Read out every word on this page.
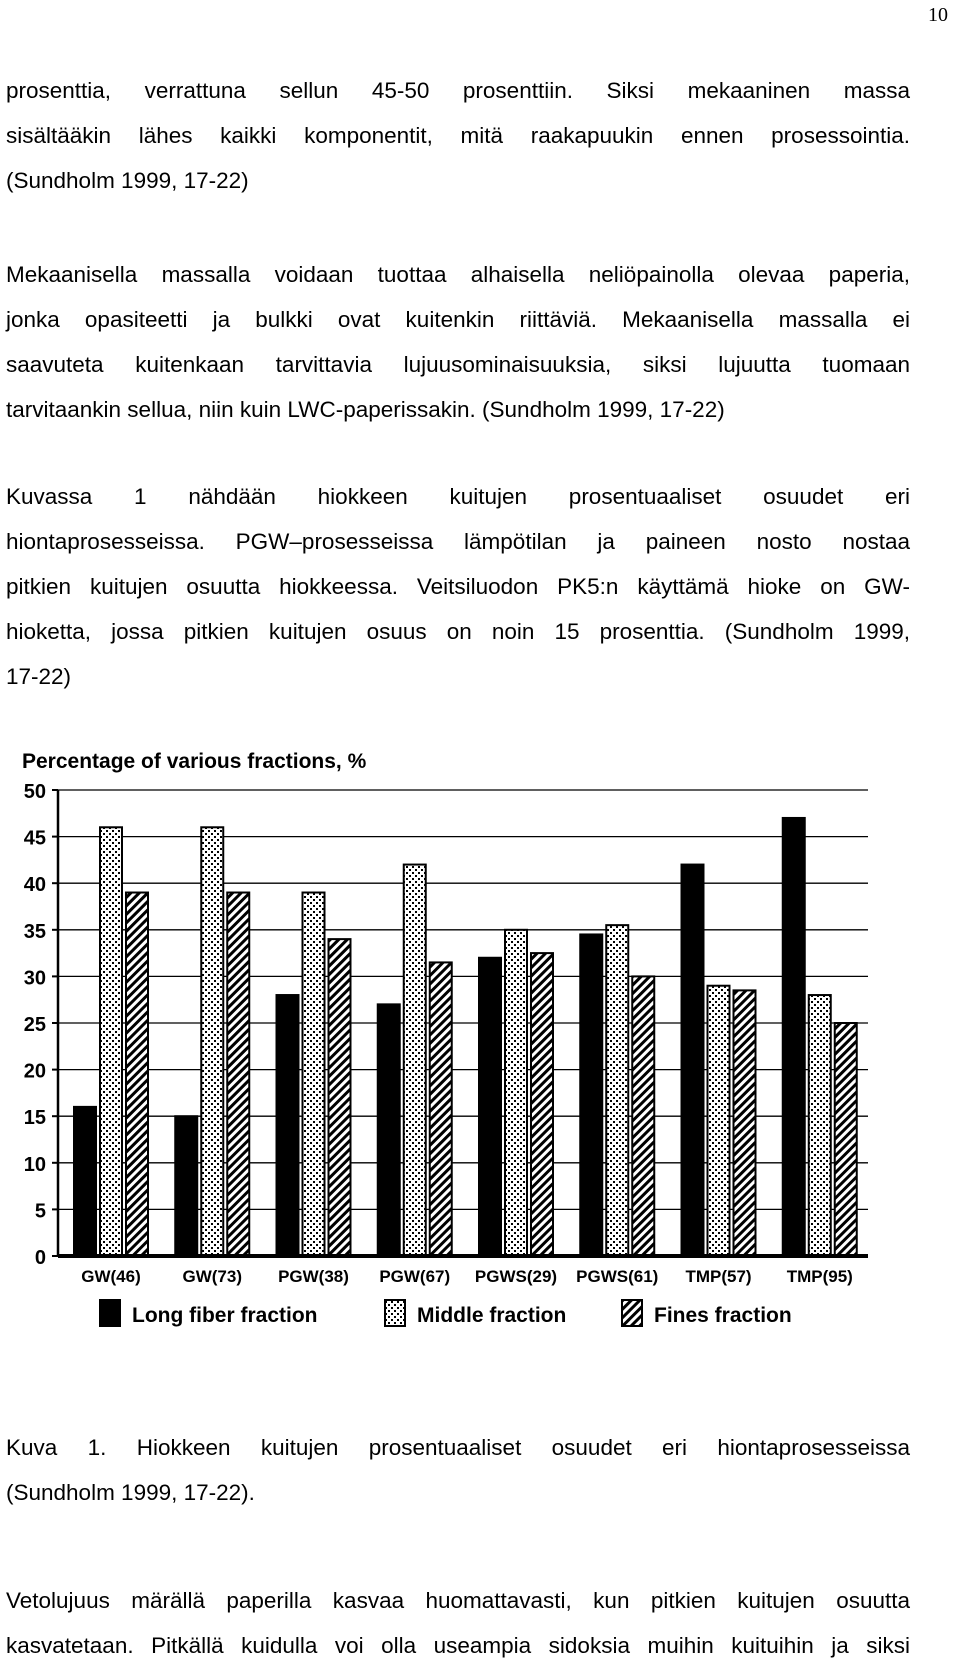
10
prosenttia, verrattuna sellun 45-50 prosenttiin. Siksi mekaaninen massa
sisältääkin lähes kaikki komponentit, mitä raakapuukin ennen prosessointia.
(Sundholm 1999, 17-22)
Mekaanisella massalla voidaan tuottaa alhaisella neliöpainolla olevaa paperia,
jonka opasiteetti ja bulkki ovat kuitenkin riittäviä. Mekaanisella massalla ei
saavuteta kuitenkaan tarvittavia lujuusominaisuuksia, siksi lujuutta tuomaan
tarvitaankin sellua, niin kuin LWC-paperissakin. (Sundholm 1999, 17-22)
Kuvassa 1 nähdään hiokkeen kuitujen prosentuaaliset osuudet eri
hiontaprosesseissa. PGW–prosesseissa lämpötilan ja paineen nosto nostaa
pitkien kuitujen osuutta hiokkeessa. Veitsiluodon PK5:n käyttämä hioke on GW-
hioketta, jossa pitkien kuitujen osuus on noin 15 prosenttia. (Sundholm 1999,
17-22)
Percentage of various fractions, %
0
5
10
15
20
25
30
35
40
45
50
GW(46) GW(73) PGW(38) PGW(67) PGWS(29) PGWS(61) TMP(57) TMP(95)
Long fiber fraction	Middle fraction	Fines fraction
Kuva 1. Hiokkeen kuitujen prosentuaaliset osuudet eri hiontaprosesseissa
(Sundholm 1999, 17-22).
Vetolujuus märällä paperilla kasvaa huomattavasti, kun pitkien kuitujen osuutta
kasvatetaan. Pitkällä kuidulla voi olla useampia sidoksia muihin kuituihin ja siksi
